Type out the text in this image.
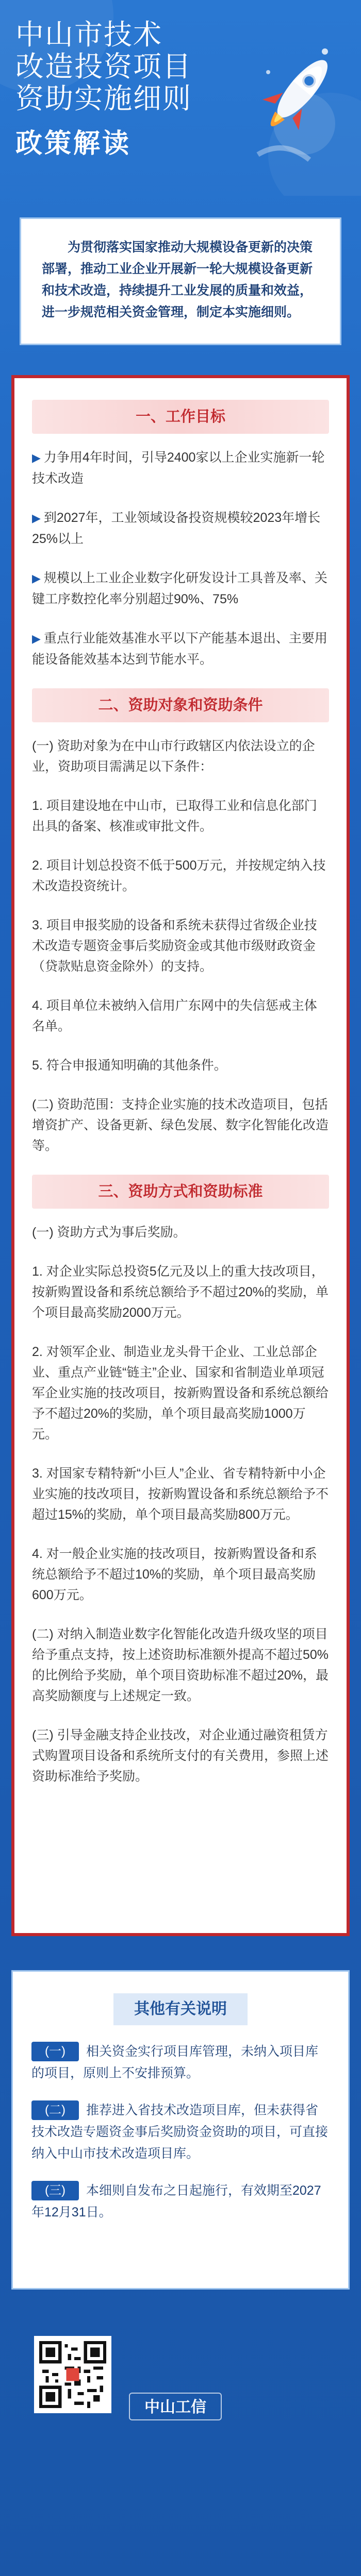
中山市技术
改造投资项目
资助实施细则
政策解读

为贯彻落实国家推动大规模设备更新的决策部署，推动工业企业开展新一轮大规模设备更新和技术改造，持续提升工业发展的质量和效益，进一步规范相关资金管理，制定本实施细则。

一、工作目标
▶ 力争用4年时间，引导2400家以上企业实施新一轮技术改造
▶ 到2027年，工业领域设备投资规模较2023年增长25%以上
▶ 规模以上工业企业数字化研发设计工具普及率、关键工序数控化率分别超过90%、75%
▶ 重点行业能效基准水平以下产能基本退出、主要用能设备能效基本达到节能水平。
二、资助对象和资助条件
(一) 资助对象为在中山市行政辖区内依法设立的企业，资助项目需满足以下条件：
1. 项目建设地在中山市，已取得工业和信息化部门出具的备案、核准或审批文件。
2. 项目计划总投资不低于500万元，并按规定纳入技术改造投资统计。
3. 项目申报奖励的设备和系统未获得过省级企业技术改造专题资金事后奖励资金或其他市级财政资金（贷款贴息资金除外）的支持。
4. 项目单位未被纳入信用广东网中的失信惩戒主体名单。
5. 符合申报通知明确的其他条件。
(二) 资助范围：支持企业实施的技术改造项目，包括增资扩产、设备更新、绿色发展、数字化智能化改造等。
三、资助方式和资助标准
(一) 资助方式为事后奖励。
1. 对企业实际总投资5亿元及以上的重大技改项目，按新购置设备和系统总额给予不超过20%的奖励，单个项目最高奖励2000万元。
2. 对领军企业、制造业龙头骨干企业、工业总部企业、重点产业链“链主”企业、国家和省制造业单项冠军企业实施的技改项目，按新购置设备和系统总额给予不超过20%的奖励，单个项目最高奖励1000万元。
3. 对国家专精特新“小巨人”企业、省专精特新中小企业实施的技改项目，按新购置设备和系统总额给予不超过15%的奖励，单个项目最高奖励800万元。
4. 对一般企业实施的技改项目，按新购置设备和系统总额给予不超过10%的奖励，单个项目最高奖励600万元。
(二) 对纳入制造业数字化智能化改造升级攻坚的项目给予重点支持，按上述资助标准额外提高不超过50%的比例给予奖励，单个项目资助标准不超过20%，最高奖励额度与上述规定一致。
(三) 引导金融支持企业技改，对企业通过融资租赁方式购置项目设备和系统所支付的有关费用，参照上述资助标准给予奖励。
其他有关说明
(一) 相关资金实行项目库管理，未纳入项目库的项目，原则上不安排预算。
(二) 推荐进入省技术改造项目库，但未获得省技术改造专题资金事后奖励资金资助的项目，可直接纳入中山市技术改造项目库。
(三) 本细则自发布之日起施行，有效期至2027年12月31日。
中山工信
